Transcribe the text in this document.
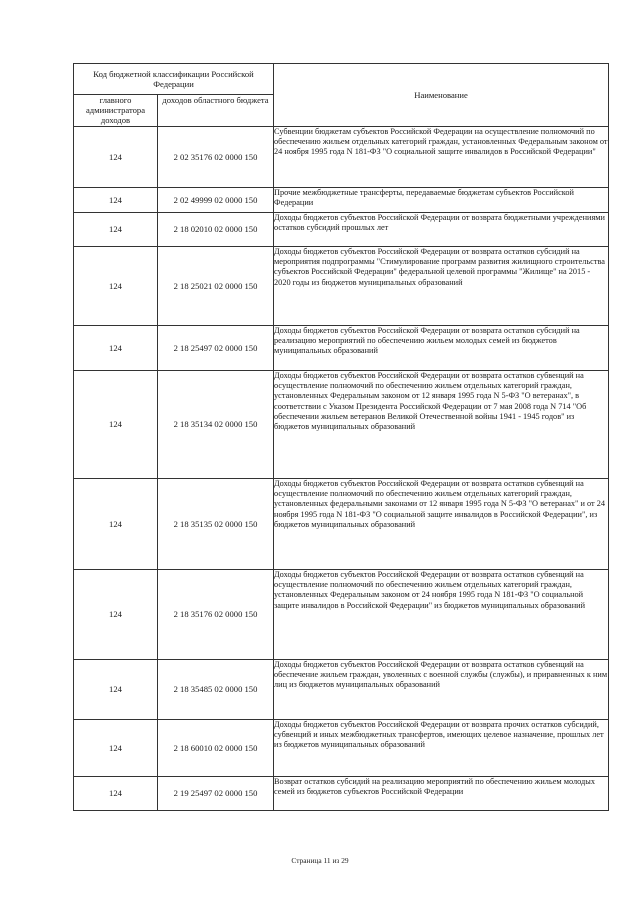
Код бюджетной классификации Российской Федерации		Наименование
главного администратора доходов	доходов областного бюджета	
124	2 02 35176 02 0000 150	Субвенции бюджетам субъектов Российской Федерации на осуществление полномочий по обеспечению жильем отдельных категорий граждан, установленных Федеральным законом от 24 ноября 1995 года N 181-ФЗ "О социальной защите инвалидов в Российской Федерации"
124	2 02 49999 02 0000 150	Прочие межбюджетные трансферты, передаваемые бюджетам субъектов Российской Федерации
124	2 18 02010 02 0000 150	Доходы бюджетов субъектов Российской Федерации от возврата бюджетными учреждениями остатков субсидий прошлых лет
124	2 18 25021 02 0000 150	Доходы бюджетов субъектов Российской Федерации от возврата остатков субсидий на мероприятия подпрограммы "Стимулирование программ развития жилищного строительства субъектов Российской Федерации" федеральной целевой программы "Жилище" на 2015 - 2020 годы из бюджетов муниципальных образований
124	2 18 25497 02 0000 150	Доходы бюджетов субъектов Российской Федерации от возврата остатков субсидий на реализацию мероприятий по обеспечению жильем молодых семей из бюджетов муниципальных образований
124	2 18 35134 02 0000 150	Доходы бюджетов субъектов Российской Федерации от возврата остатков субвенций на осуществление полномочий по обеспечению жильем отдельных категорий граждан, установленных Федеральным законом от 12 января 1995 года N 5-ФЗ "О ветеранах", в соответствии с Указом Президента Российской Федерации от 7 мая 2008 года N 714 "Об обеспечении жильем ветеранов Великой Отечественной войны 1941 - 1945 годов" из бюджетов муниципальных образований
124	2 18 35135 02 0000 150	Доходы бюджетов субъектов Российской Федерации от возврата остатков субвенций на осуществление полномочий по обеспечению жильем отдельных категорий граждан, установленных федеральными законами от 12 января 1995 года N 5-ФЗ "О ветеранах" и от 24 ноября 1995 года N 181-ФЗ "О социальной защите инвалидов в Российской Федерации", из бюджетов муниципальных образований
124	2 18 35176 02 0000 150	Доходы бюджетов субъектов Российской Федерации от возврата остатков субвенций на осуществление полномочий по обеспечению жильем отдельных категорий граждан, установленных Федеральным законом от 24 ноября 1995 года N 181-ФЗ "О социальной защите инвалидов в Российской Федерации" из бюджетов муниципальных образований
124	2 18 35485 02 0000 150	Доходы бюджетов субъектов Российской Федерации от возврата остатков субвенций на обеспечение жильем граждан, уволенных с военной службы (службы), и приравненных к ним лиц из бюджетов муниципальных образований
124	2 18 60010 02 0000 150	Доходы бюджетов субъектов Российской Федерации от возврата прочих остатков субсидий, субвенций и иных межбюджетных трансфертов, имеющих целевое назначение, прошлых лет из бюджетов муниципальных образований
124	2 19 25497 02 0000 150	Возврат остатков субсидий на реализацию мероприятий по обеспечению жильем молодых семей из бюджетов субъектов Российской Федерации
Страница 11 из 29
